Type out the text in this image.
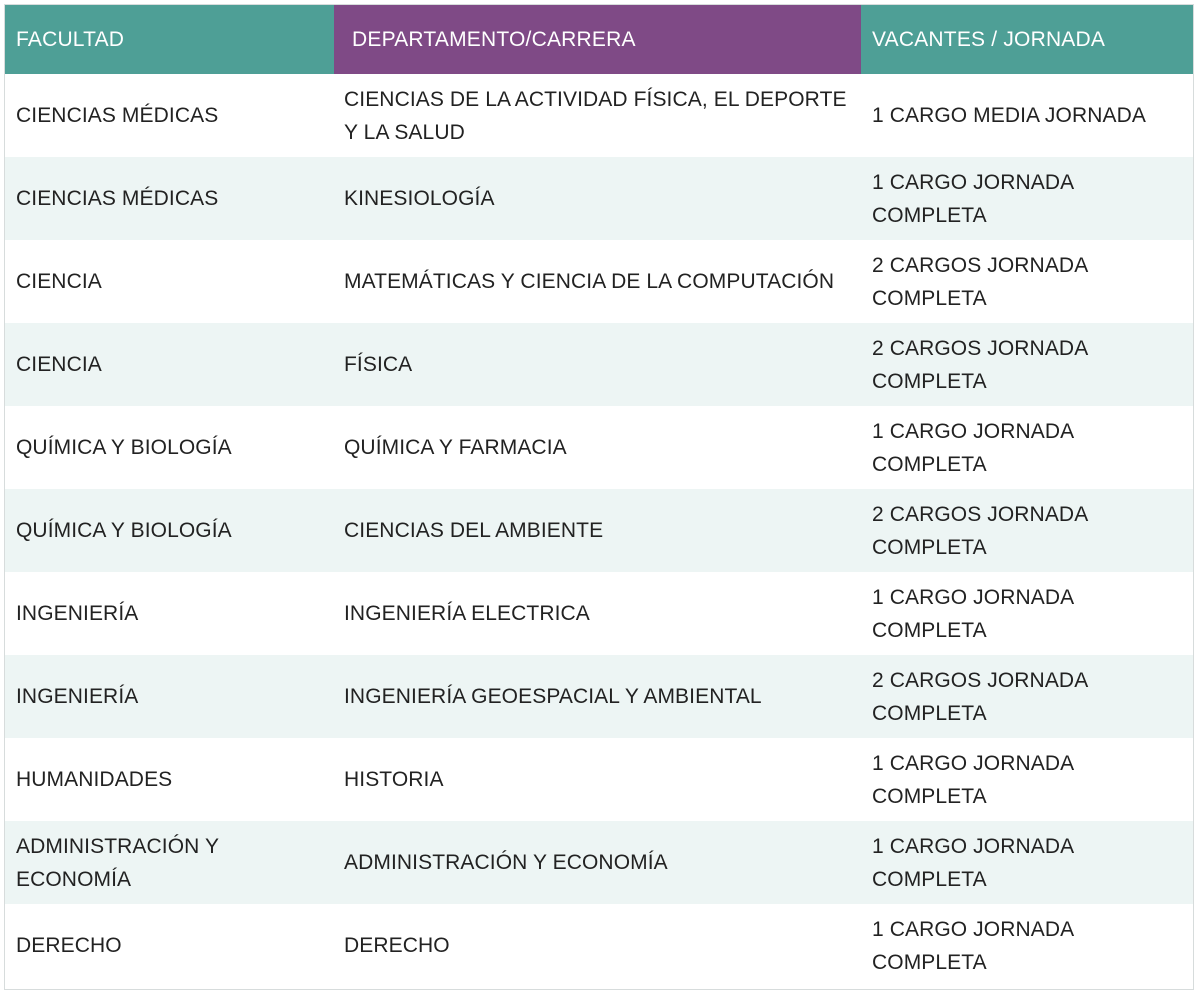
FACULTAD	DEPARTAMENTO/CARRERA	VACANTES / JORNADA
CIENCIAS MÉDICAS	CIENCIAS DE LA ACTIVIDAD FÍSICA, EL DEPORTE Y LA SALUD	1 CARGO MEDIA JORNADA
CIENCIAS MÉDICAS	KINESIOLOGÍA	1 CARGO JORNADA COMPLETA
CIENCIA	MATEMÁTICAS Y CIENCIA DE LA COMPUTACIÓN	2 CARGOS JORNADA COMPLETA
CIENCIA	FÍSICA	2 CARGOS JORNADA COMPLETA
QUÍMICA Y BIOLOGÍA	QUÍMICA Y FARMACIA	1 CARGO JORNADA COMPLETA
QUÍMICA Y BIOLOGÍA	CIENCIAS DEL AMBIENTE	2 CARGOS JORNADA COMPLETA
INGENIERÍA	INGENIERÍA ELECTRICA	1 CARGO JORNADA COMPLETA
INGENIERÍA	INGENIERÍA GEOESPACIAL Y AMBIENTAL	2 CARGOS JORNADA COMPLETA
HUMANIDADES	HISTORIA	1 CARGO JORNADA COMPLETA
ADMINISTRACIÓN Y ECONOMÍA	ADMINISTRACIÓN Y ECONOMÍA	1 CARGO JORNADA COMPLETA
DERECHO	DERECHO	1 CARGO JORNADA COMPLETA
